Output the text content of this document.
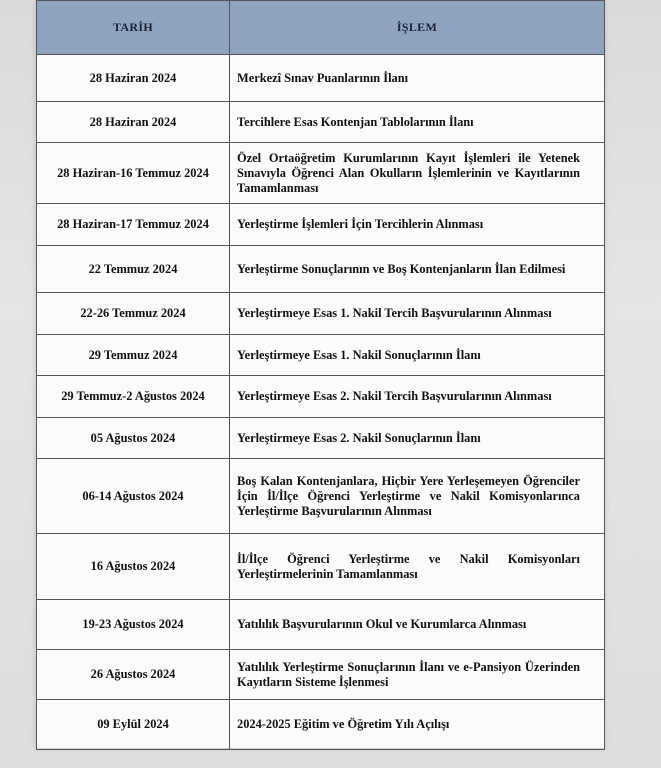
TARİH	İŞLEM
28 Haziran 2024	Merkezî Sınav Puanlarının İlanı
28 Haziran 2024	Tercihlere Esas Kontenjan Tablolarının İlanı
28 Haziran-16 Temmuz 2024	Özel Ortaöğretim Kurumlarının Kayıt İşlemleri ile Yetenek Sınavıyla Öğrenci Alan Okulların İşlemlerinin ve Kayıtlarının Tamamlanması
28 Haziran-17 Temmuz 2024	Yerleştirme İşlemleri İçin Tercihlerin Alınması
22 Temmuz 2024	Yerleştirme Sonuçlarının ve Boş Kontenjanların İlan Edilmesi
22-26 Temmuz 2024	Yerleştirmeye Esas 1. Nakil Tercih Başvurularının Alınması
29 Temmuz 2024	Yerleştirmeye Esas 1. Nakil Sonuçlarının İlanı
29 Temmuz-2 Ağustos 2024	Yerleştirmeye Esas 2. Nakil Tercih Başvurularının Alınması
05 Ağustos 2024	Yerleştirmeye Esas 2. Nakil Sonuçlarının İlanı
06-14 Ağustos 2024	Boş Kalan Kontenjanlara, Hiçbir Yere Yerleşemeyen Öğrenciler İçin İl/İlçe Öğrenci Yerleştirme ve Nakil Komisyonlarınca Yerleştirme Başvurularının Alınması
16 Ağustos 2024	İl/İlçe Öğrenci Yerleştirme ve Nakil Komisyonları Yerleştirmelerinin Tamamlanması
19-23 Ağustos 2024	Yatılılık Başvurularının Okul ve Kurumlarca Alınması
26 Ağustos 2024	Yatılılık Yerleştirme Sonuçlarının İlanı ve e-Pansiyon Üzerinden Kayıtların Sisteme İşlenmesi
09 Eylül 2024	2024-2025 Eğitim ve Öğretim Yılı Açılışı
